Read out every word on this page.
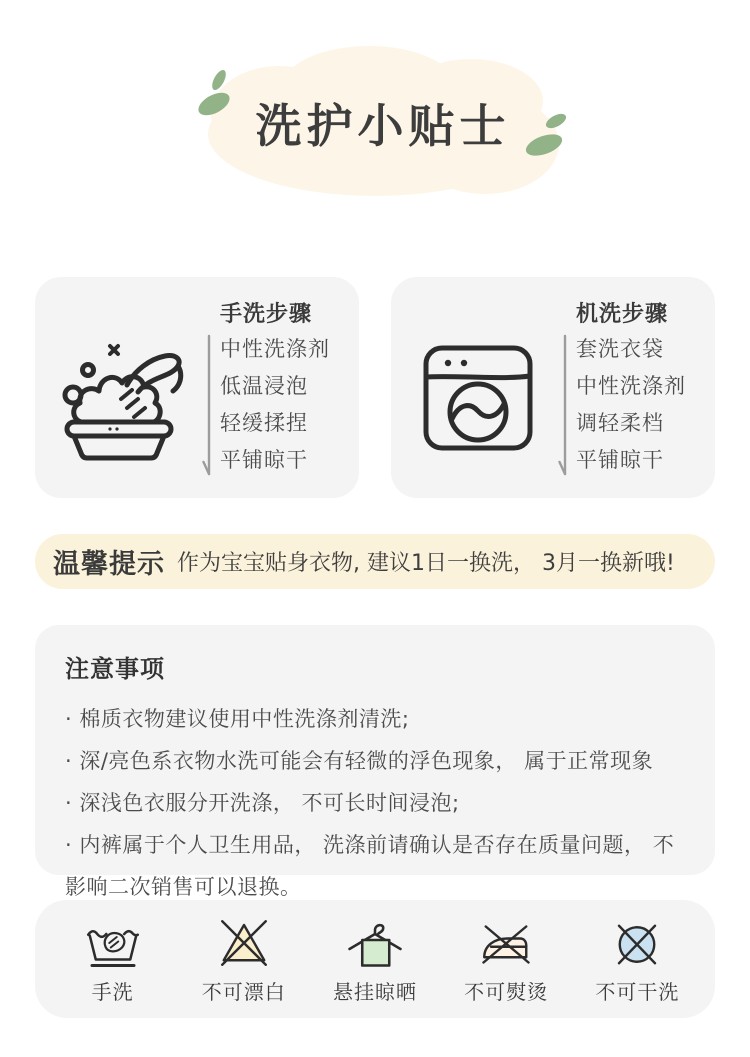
洗护小贴士
手洗步骤
中性洗涤剂
低温浸泡
轻缓揉捏
平铺晾干
机洗步骤
套洗衣袋
中性洗涤剂
调轻柔档
平铺晾干
温馨提示 作为宝宝贴身衣物, 建议1日一换洗， 3月一换新哦!
注意事项
· 棉质衣物建议使用中性洗涤剂清洗;
· 深/亮色系衣物水洗可能会有轻微的浮色现象， 属于正常现象
· 深浅色衣服分开洗涤， 不可长时间浸泡;
· 内裤属于个人卫生用品， 洗涤前请确认是否存在质量问题， 不影响二次销售可以退换。
手洗	不可漂白 悬挂晾晒 不可熨烫 不可干洗
